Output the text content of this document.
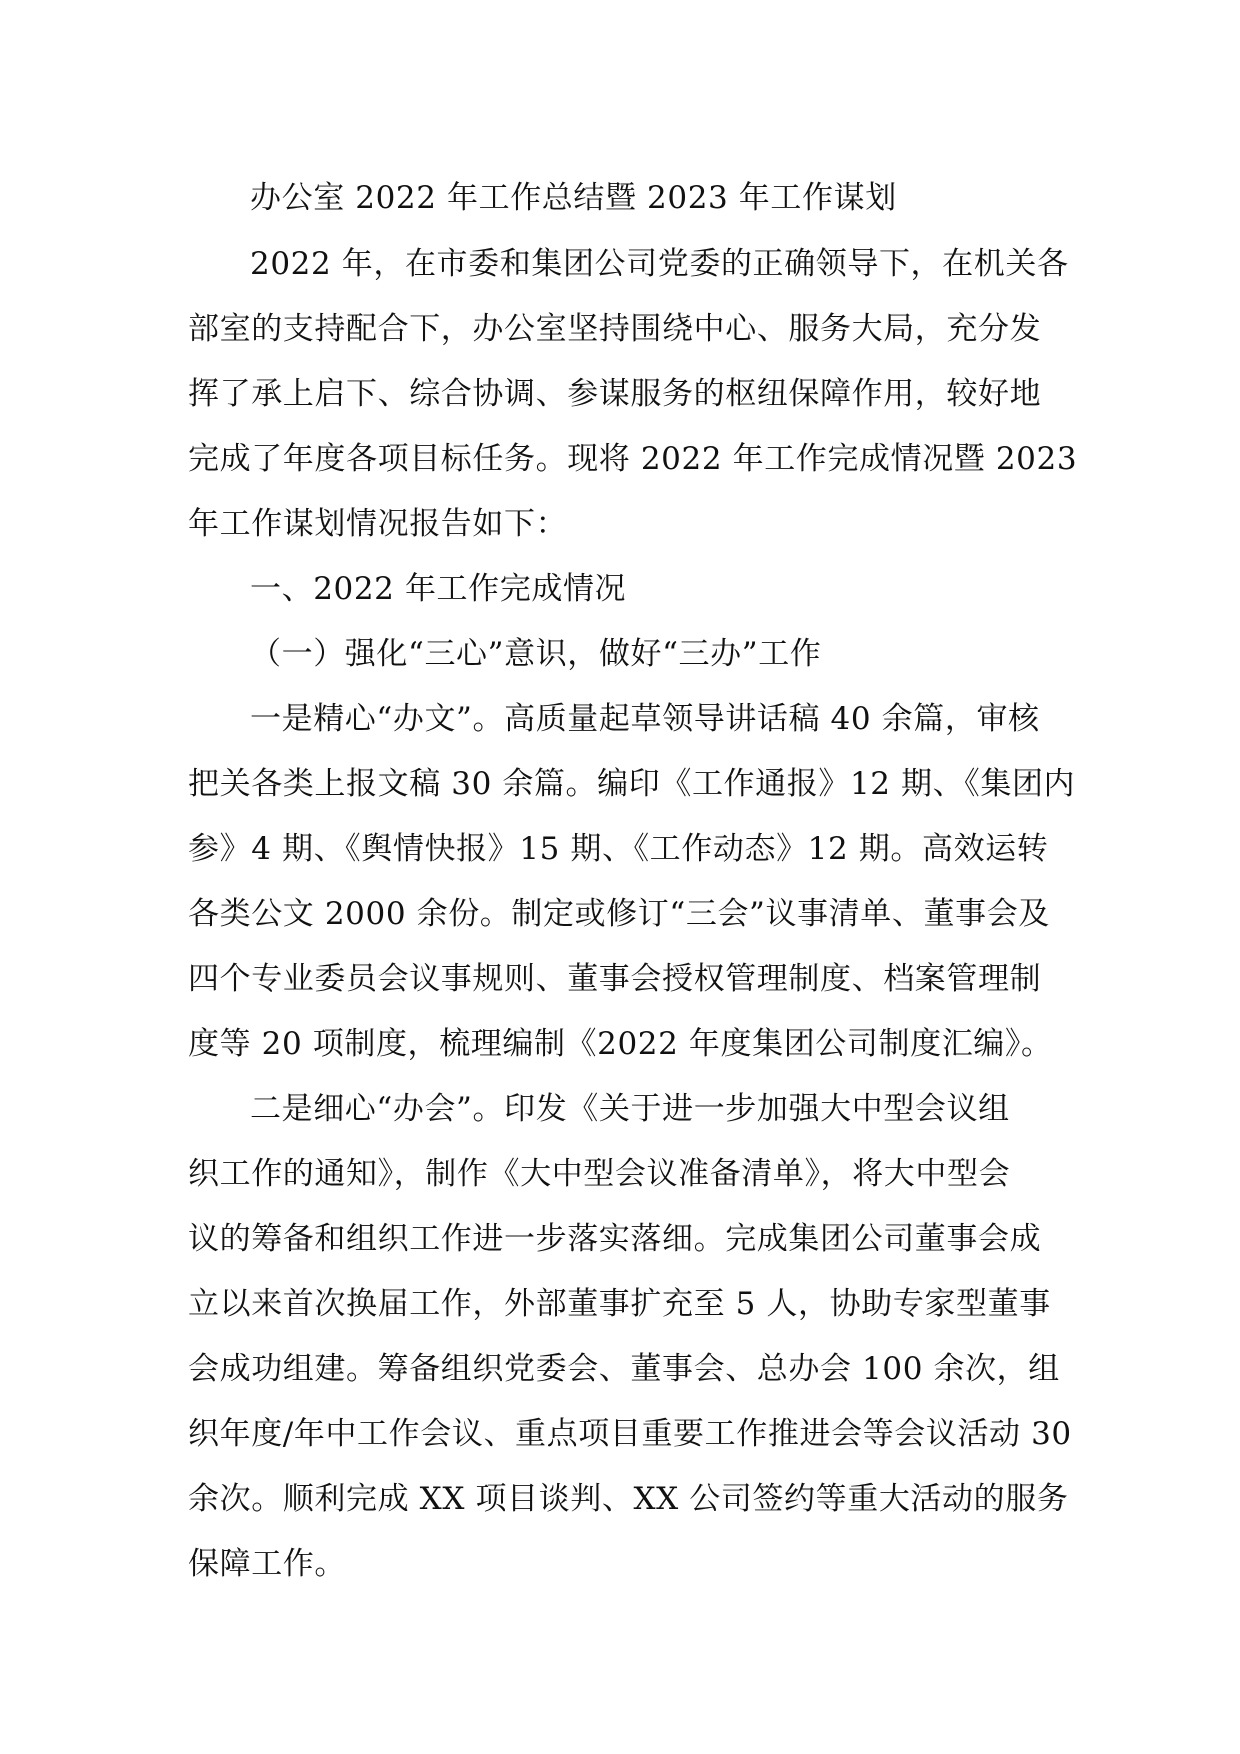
办公室 2022 年工作总结暨 2023 年工作谋划
2022 年，在市委和集团公司党委的正确领导下，在机关各
部室的支持配合下，办公室坚持围绕中心、服务大局，充分发
挥了承上启下、综合协调、参谋服务的枢纽保障作用，较好地
完成了年度各项目标任务。现将 2022 年工作完成情况暨 2023
年工作谋划情况报告如下：
一、2022 年工作完成情况
（一）强化“三心”意识，做好“三办”工作
一是精心“办文”。高质量起草领导讲话稿 40 余篇，审核
把关各类上报文稿 30 余篇。编印《工作通报》12 期、《集团内
参》4 期、《舆情快报》15 期、《工作动态》12 期。高效运转
各类公文 2000 余份。制定或修订“三会”议事清单、董事会及
四个专业委员会议事规则、董事会授权管理制度、档案管理制
度等 20 项制度，梳理编制《2022 年度集团公司制度汇编》。
二是细心“办会”。印发《关于进一步加强大中型会议组
织工作的通知》，制作《大中型会议准备清单》，将大中型会
议的筹备和组织工作进一步落实落细。完成集团公司董事会成
立以来首次换届工作，外部董事扩充至 5 人，协助专家型董事
会成功组建。筹备组织党委会、董事会、总办会 100 余次，组
织年度/年中工作会议、重点项目重要工作推进会等会议活动 30
余次。顺利完成 XX 项目谈判、XX 公司签约等重大活动的服务
保障工作。
